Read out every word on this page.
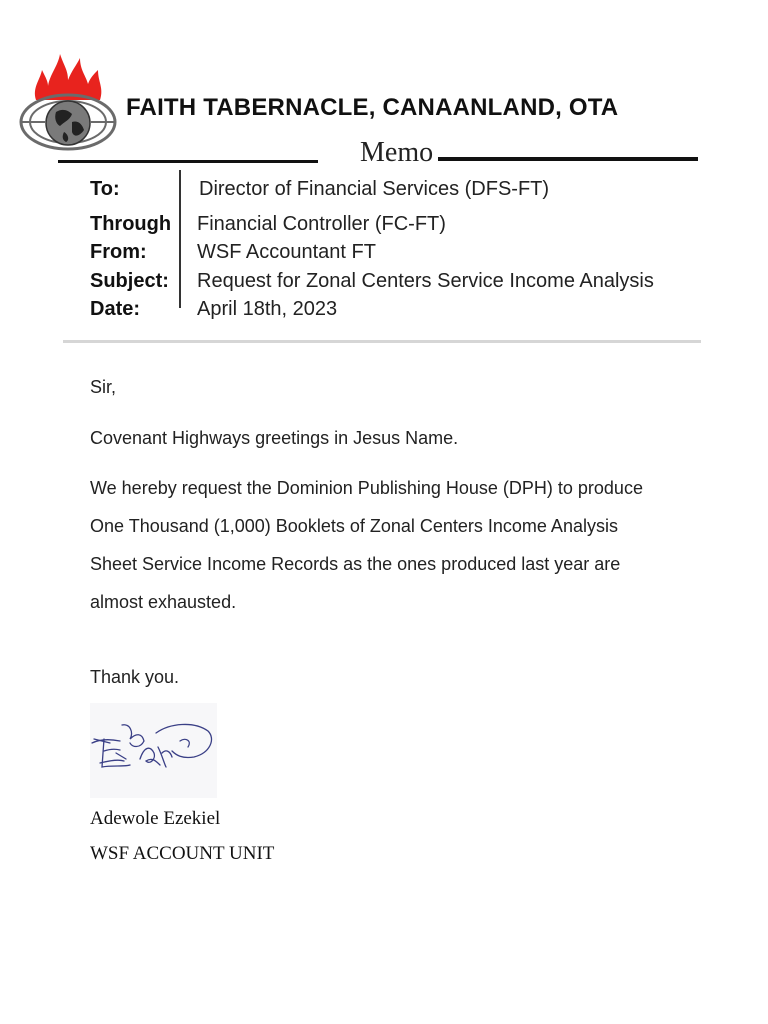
FAITH TABERNACLE, CANAANLAND, OTA
Memo
To:	Director of Financial Services (DFS-FT)
Through Financial Controller (FC-FT)
From:	WSF Accountant FT
Subject: Request for Zonal Centers Service Income Analysis
Date:	April 18th, 2023
Sir,
Covenant Highways greetings in Jesus Name.
We hereby request the Dominion Publishing House (DPH) to produce
One Thousand (1,000) Booklets of Zonal Centers Income Analysis
Sheet Service Income Records as the ones produced last year are
almost exhausted.
Thank you.
Adewole Ezekiel
WSF ACCOUNT UNIT
